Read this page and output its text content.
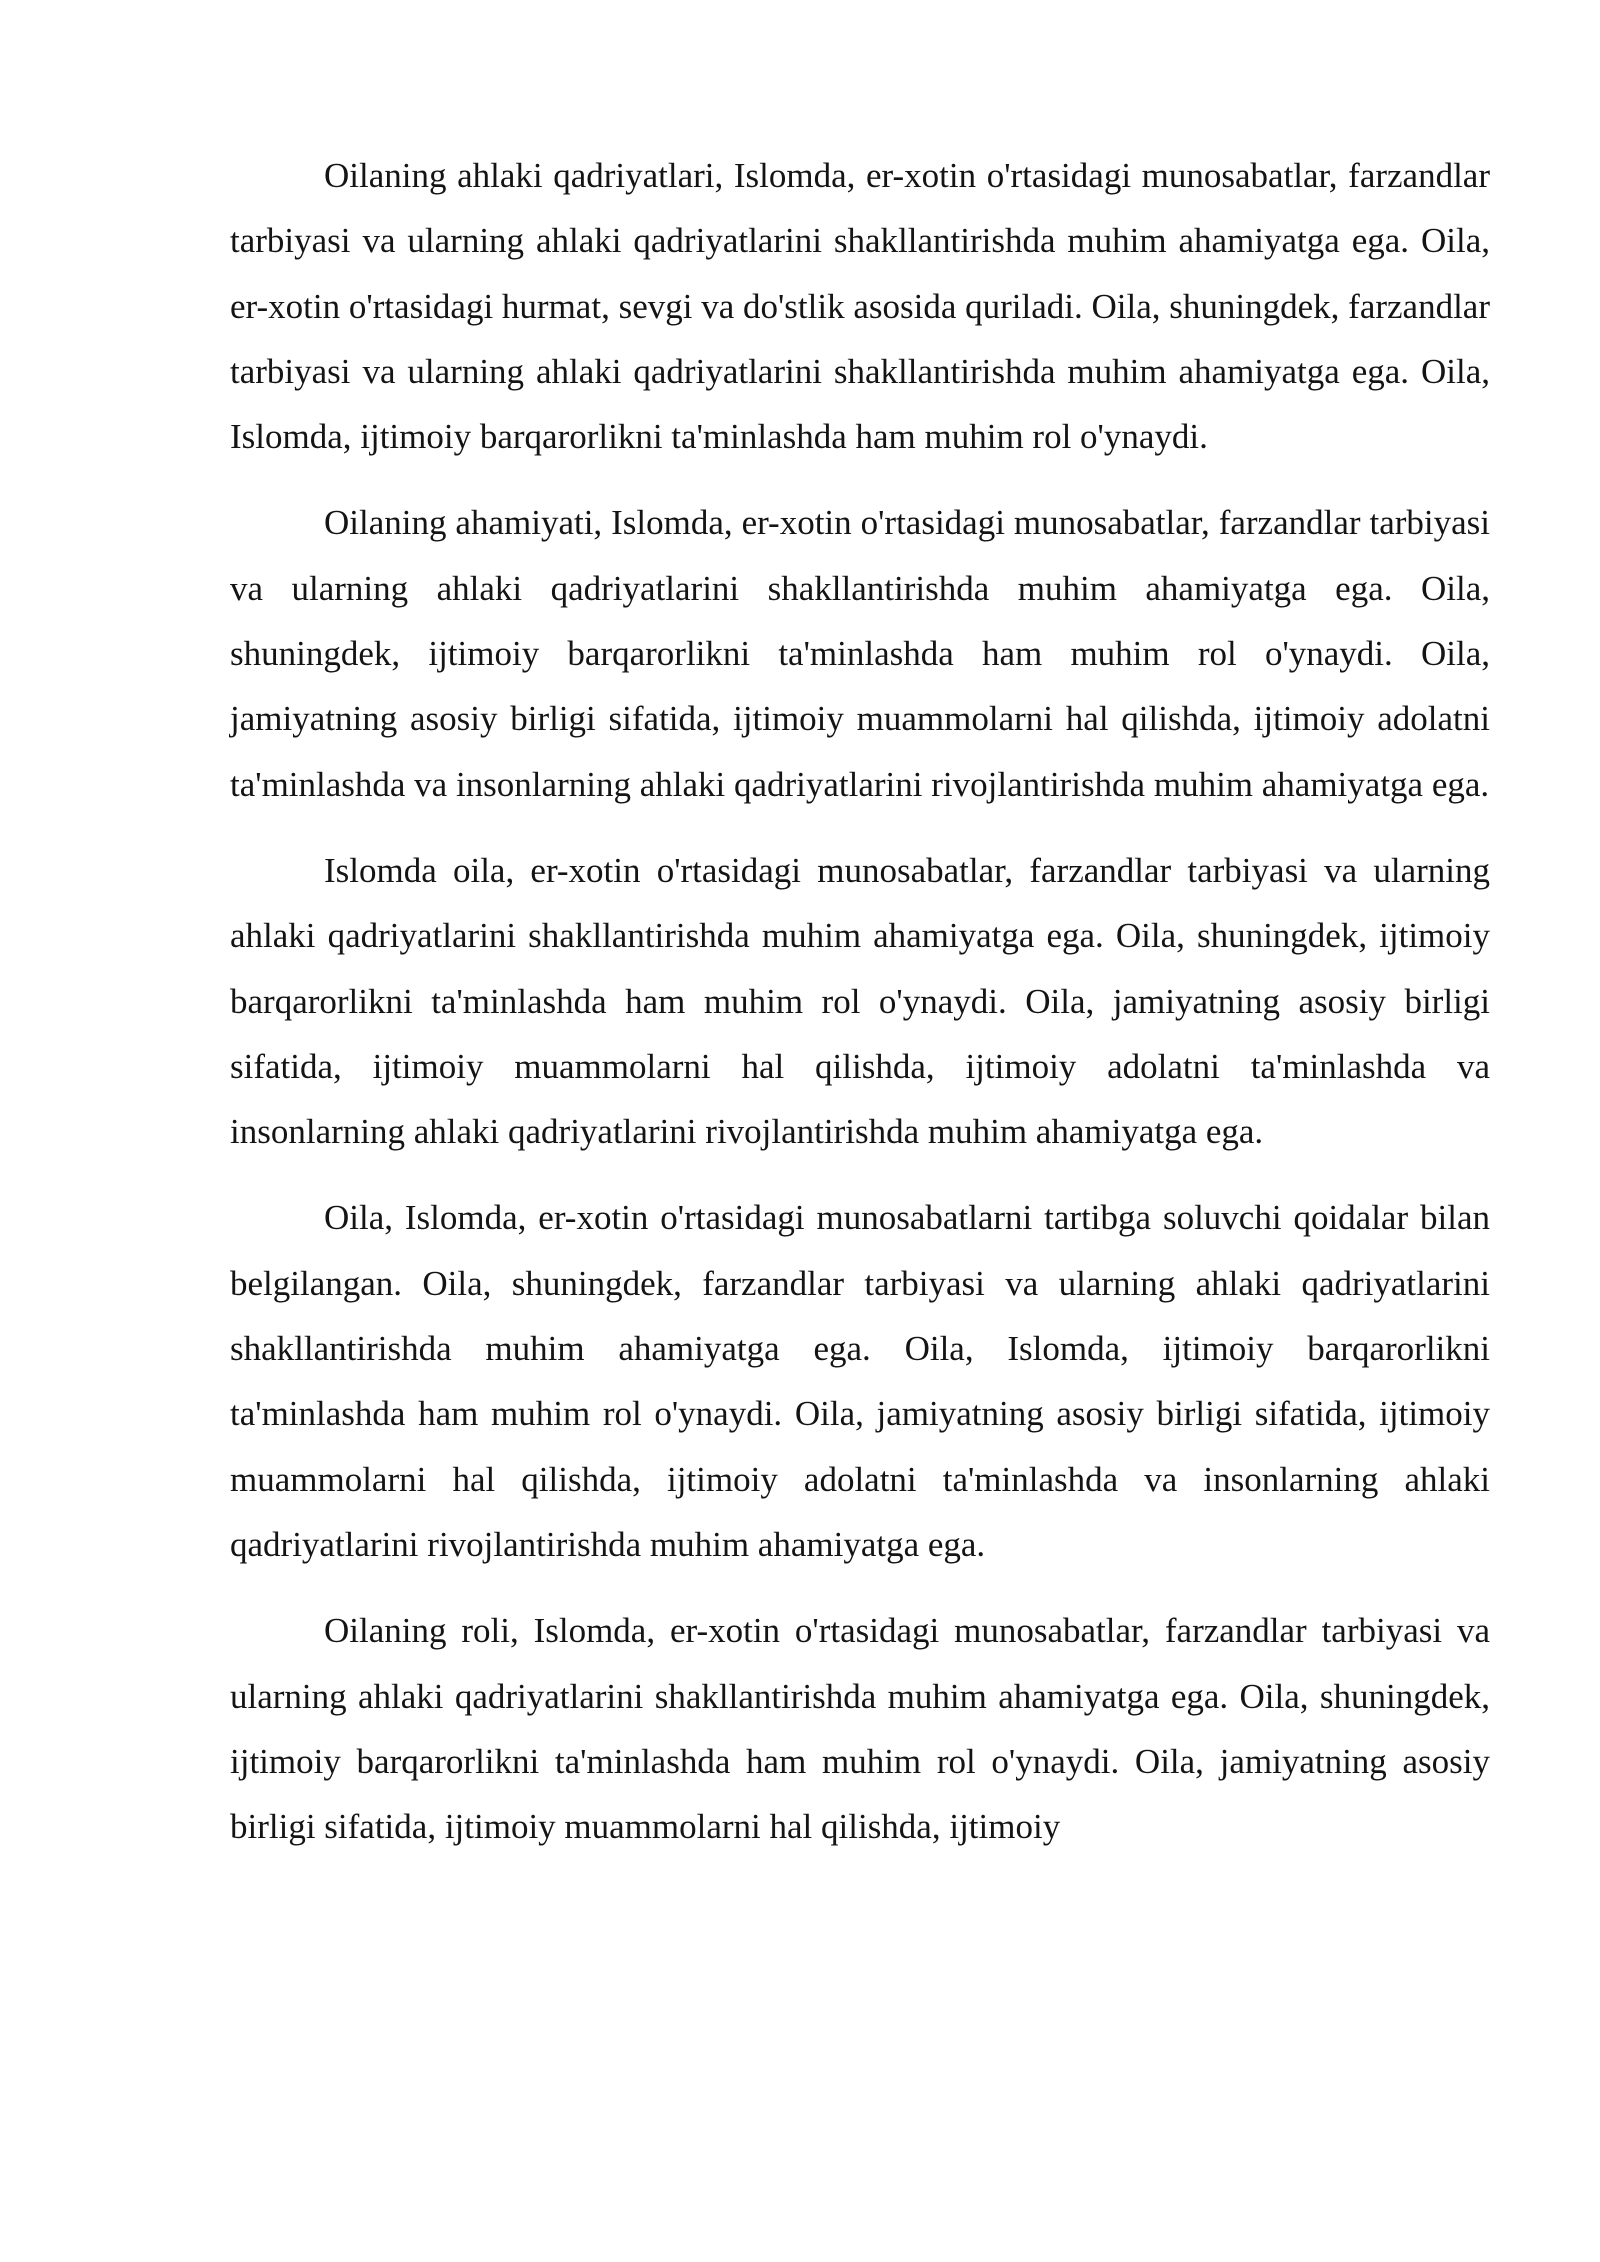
Oilaning ahlaki qadriyatlari, Islomda, er-xotin o'rtasidagi munosabatlar, farzandlar tarbiyasi va ularning ahlaki qadriyatlarini shakllantirishda muhim ahamiyatga ega. Oila, er-xotin o'rtasidagi hurmat, sevgi va do'stlik asosida quriladi. Oila, shuningdek, farzandlar tarbiyasi va ularning ahlaki qadriyatlarini shakllantirishda muhim ahamiyatga ega. Oila, Islomda, ijtimoiy barqarorlikni ta'minlashda ham muhim rol o'ynaydi.

Oilaning ahamiyati, Islomda, er-xotin o'rtasidagi munosabatlar, farzandlar tarbiyasi va ularning ahlaki qadriyatlarini shakllantirishda muhim ahamiyatga ega. Oila, shuningdek, ijtimoiy barqarorlikni ta'minlashda ham muhim rol o'ynaydi. Oila, jamiyatning asosiy birligi sifatida, ijtimoiy muammolarni hal qilishda, ijtimoiy adolatni ta'minlashda va insonlarning ahlaki qadriyatlarini rivojlantirishda muhim ahamiyatga ega.

Islomda oila, er-xotin o'rtasidagi munosabatlar, farzandlar tarbiyasi va ularning ahlaki qadriyatlarini shakllantirishda muhim ahamiyatga ega. Oila, shuningdek, ijtimoiy barqarorlikni ta'minlashda ham muhim rol o'ynaydi. Oila, jamiyatning asosiy birligi sifatida, ijtimoiy muammolarni hal qilishda, ijtimoiy adolatni ta'minlashda va insonlarning ahlaki qadriyatlarini rivojlantirishda muhim ahamiyatga ega.

Oila, Islomda, er-xotin o'rtasidagi munosabatlarni tartibga soluvchi qoidalar bilan belgilangan. Oila, shuningdek, farzandlar tarbiyasi va ularning ahlaki qadriyatlarini shakllantirishda muhim ahamiyatga ega. Oila, Islomda, ijtimoiy barqarorlikni ta'minlashda ham muhim rol o'ynaydi. Oila, jamiyatning asosiy birligi sifatida, ijtimoiy muammolarni hal qilishda, ijtimoiy adolatni ta'minlashda va insonlarning ahlaki qadriyatlarini rivojlantirishda muhim ahamiyatga ega.

Oilaning roli, Islomda, er-xotin o'rtasidagi munosabatlar, farzandlar tarbiyasi va ularning ahlaki qadriyatlarini shakllantirishda muhim ahamiyatga ega. Oila, shuningdek, ijtimoiy barqarorlikni ta'minlashda ham muhim rol o'ynaydi. Oila, jamiyatning asosiy birligi sifatida, ijtimoiy muammolarni hal qilishda, ijtimoiy
